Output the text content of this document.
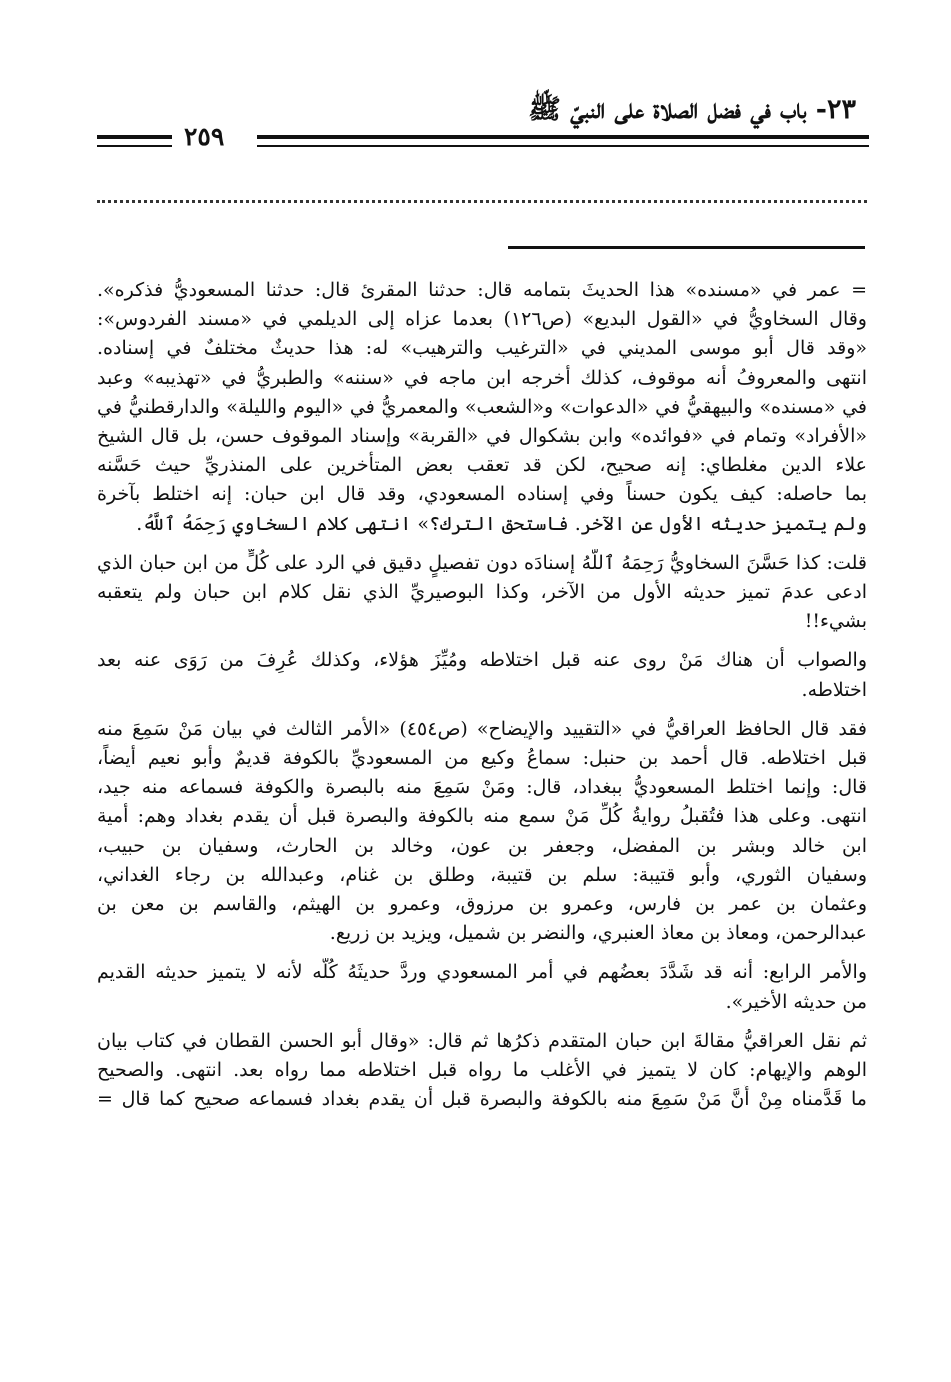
٢٣- باب في فضل الصلاة على النبيّ ﷺ
٢٥٩

= عمر في «مسنده» هذا الحديثَ بتمامه قال: حدثنا المقرئ قال: حدثنا المسعوديُّ فذكره».
وقال السخاويُّ في «القول البديع» (ص١٢٦) بعدما عزاه إلى الديلمي في «مسند الفردوس»:
«وقد قال أبو موسى المديني في «الترغيب والترهيب» له: هذا حديثٌ مختلفٌ في إسناده.
انتهى والمعروفُ أنه موقوف، كذلك أخرجه ابن ماجه في «سننه» والطبريُّ في «تهذيبه» وعبد
في «مسنده» والبيهقيُّ في «الدعوات» و«الشعب» والمعمريُّ في «اليوم والليلة» والدارقطنيُّ في
«الأفراد» وتمام في «فوائده» وابن بشكوال في «القربة» وإسناد الموقوف حسن، بل قال الشيخ
علاء الدين مغلطاي: إنه صحيح، لكن قد تعقب بعض المتأخرين على المنذريِّ حيث حَسَّنه
بما حاصله: كيف يكون حسناً وفي إسناده المسعودي، وقد قال ابن حبان: إنه اختلط بآخرة
ولم يتميز حديثه الأول عن الآخر. فاستحق الترك؟» انتهى كلام السخاوي رَحِمَهُ ٱللَّهُ.

قلت: كذا حَسَّنَ السخاويُّ رَحِمَهُ ٱللَّهُ إسنادَه دون تفصيلٍ دقيق في الرد على كُلٍّ من ابن حبان الذي
ادعى عدمَ تميز حديثه الأول من الآخر، وكذا البوصيريِّ الذي نقل كلام ابن حبان ولم يتعقبه
بشيء!!

والصواب أن هناك مَنْ روى عنه قبل اختلاطه ومُيِّزَ هؤلاء، وكذلك عُرِفَ من رَوَى عنه بعد
اختلاطه.

فقد قال الحافظ العراقيُّ في «التقييد والإيضاح» (ص٤٥٤) «الأمر الثالث في بيان مَنْ سَمِعَ منه
قبل اختلاطه. قال أحمد بن حنبل: سماعُ وكيع من المسعوديِّ بالكوفة قديمٌ وأبو نعيم أيضاً،
قال: وإنما اختلط المسعوديُّ ببغداد، قال: ومَنْ سَمِعَ منه بالبصرة والكوفة فسماعه منه جيد،
انتهى. وعلى هذا فتُقبلُ روايةُ كُلِّ مَنْ سمع منه بالكوفة والبصرة قبل أن يقدم بغداد وهم: أمية
ابن خالد وبشر بن المفضل، وجعفر بن عون، وخالد بن الحارث، وسفيان بن حبيب،
وسفيان الثوري، وأبو قتيبة: سلم بن قتيبة، وطلق بن غنام، وعبدالله بن رجاء الغداني،
وعثمان بن عمر بن فارس، وعمرو بن مرزوق، وعمرو بن الهيثم، والقاسم بن معن بن
عبدالرحمن، ومعاذ بن معاذ العنبري، والنضر بن شميل، ويزيد بن زريع.

والأمر الرابع: أنه قد شَدَّدَ بعضُهم في أمر المسعودي وردَّ حديثَهُ كُلَّه لأنه لا يتميز حديثه القديم
من حديثه الأخير».

ثم نقل العراقيُّ مقالةَ ابن حبان المتقدم ذكرُها ثم قال: «وقال أبو الحسن القطان في كتاب بيان
الوهم والإيهام: كان لا يتميز في الأغلب ما رواه قبل اختلاطه مما رواه بعد. انتهى. والصحيح
ما قَدَّمناه مِنْ أَنَّ مَنْ سَمِعَ منه بالكوفة والبصرة قبل أن يقدم بغداد فسماعه صحيح كما قال =
